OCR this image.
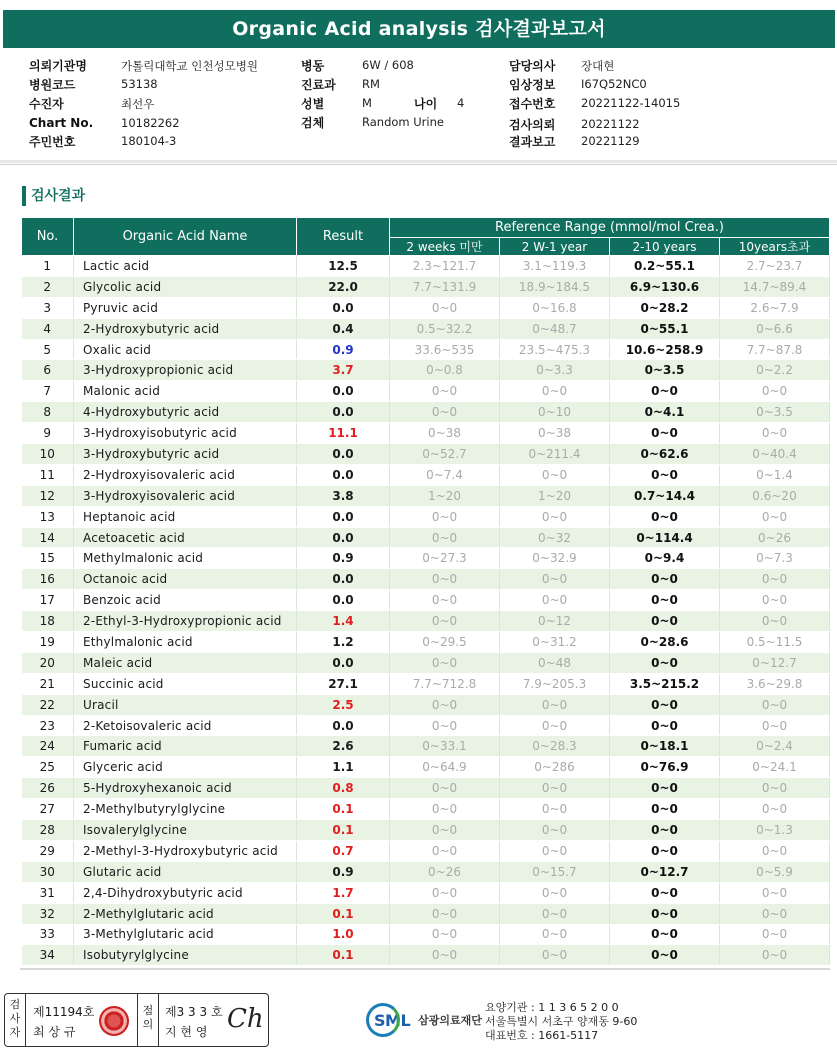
Organic Acid analysis 검사결과보고서
의뢰기관명	가톨릭대학교 인천성모병원
병원코드	53138
수진자	최선우
Chart No. 10182262
주민번호	180104-3
병동	6W / 608
진료과 RM
성별	M	나이 4
검체	Random Urine
담당의사 장대현
임상정보 I67Q52NC0
접수번호 20221122-14015
검사의뢰 20221122
결과보고 20221129
검사결과
No.	Organic Acid Name	Result	Reference Range (mmol/mol Crea.)			
			2 weeks 미만	2 W-1 year	2-10 years	10years초과
1	Lactic acid	12.5	2.3~121.7	3.1~119.3	0.2~55.1	2.7~23.7
2	Glycolic acid	22.0	7.7~131.9	18.9~184.5	6.9~130.6	14.7~89.4
3	Pyruvic acid	0.0	0~0	0~16.8	0~28.2	2.6~7.9
4	2-Hydroxybutyric acid	0.4	0.5~32.2	0~48.7	0~55.1	0~6.6
5	Oxalic acid	0.9	33.6~535	23.5~475.3	10.6~258.9	7.7~87.8
6	3-Hydroxypropionic acid	3.7	0~0.8	0~3.3	0~3.5	0~2.2
7	Malonic acid	0.0	0~0	0~0	0~0	0~0
8	4-Hydroxybutyric acid	0.0	0~0	0~10	0~4.1	0~3.5
9	3-Hydroxyisobutyric acid	11.1	0~38	0~38	0~0	0~0
10	3-Hydroxybutyric acid	0.0	0~52.7	0~211.4	0~62.6	0~40.4
11	2-Hydroxyisovaleric acid	0.0	0~7.4	0~0	0~0	0~1.4
12	3-Hydroxyisovaleric acid	3.8	1~20	1~20	0.7~14.4	0.6~20
13	Heptanoic acid	0.0	0~0	0~0	0~0	0~0
14	Acetoacetic acid	0.0	0~0	0~32	0~114.4	0~26
15	Methylmalonic acid	0.9	0~27.3	0~32.9	0~9.4	0~7.3
16	Octanoic acid	0.0	0~0	0~0	0~0	0~0
17	Benzoic acid	0.0	0~0	0~0	0~0	0~0
18	2-Ethyl-3-Hydroxypropionic acid	1.4	0~0	0~12	0~0	0~0
19	Ethylmalonic acid	1.2	0~29.5	0~31.2	0~28.6	0.5~11.5
20	Maleic acid	0.0	0~0	0~48	0~0	0~12.7
21	Succinic acid	27.1	7.7~712.8	7.9~205.3	3.5~215.2	3.6~29.8
22	Uracil	2.5	0~0	0~0	0~0	0~0
23	2-Ketoisovaleric acid	0.0	0~0	0~0	0~0	0~0
24	Fumaric acid	2.6	0~33.1	0~28.3	0~18.1	0~2.4
25	Glyceric acid	1.1	0~64.9	0~286	0~76.9	0~24.1
26	5-Hydroxyhexanoic acid	0.8	0~0	0~0	0~0	0~0
27	2-Methylbutyrylglycine	0.1	0~0	0~0	0~0	0~0
28	Isovalerylglycine	0.1	0~0	0~0	0~0	0~1.3
29	2-Methyl-3-Hydroxybutyric acid	0.7	0~0	0~0	0~0	0~0
30	Glutaric acid	0.9	0~26	0~15.7	0~12.7	0~5.9
31	2,4-Dihydroxybutyric acid	1.7	0~0	0~0	0~0	0~0
32	2-Methylglutaric acid	0.1	0~0	0~0	0~0	0~0
33	3-Methylglutaric acid	1.0	0~0	0~0	0~0	0~0
34	Isobutyrylglycine	0.1	0~0	0~0	0~0	0~0
검사자
제11194호
최 상 규
점의
제3 3 3 호
지 현 영 Ch	SML 삼광의료재단
요양기관 : 1 1 3 6 5 2 0 0
서울특별시 서초구 양재동 9-60
대표번호 : 1661-5117
